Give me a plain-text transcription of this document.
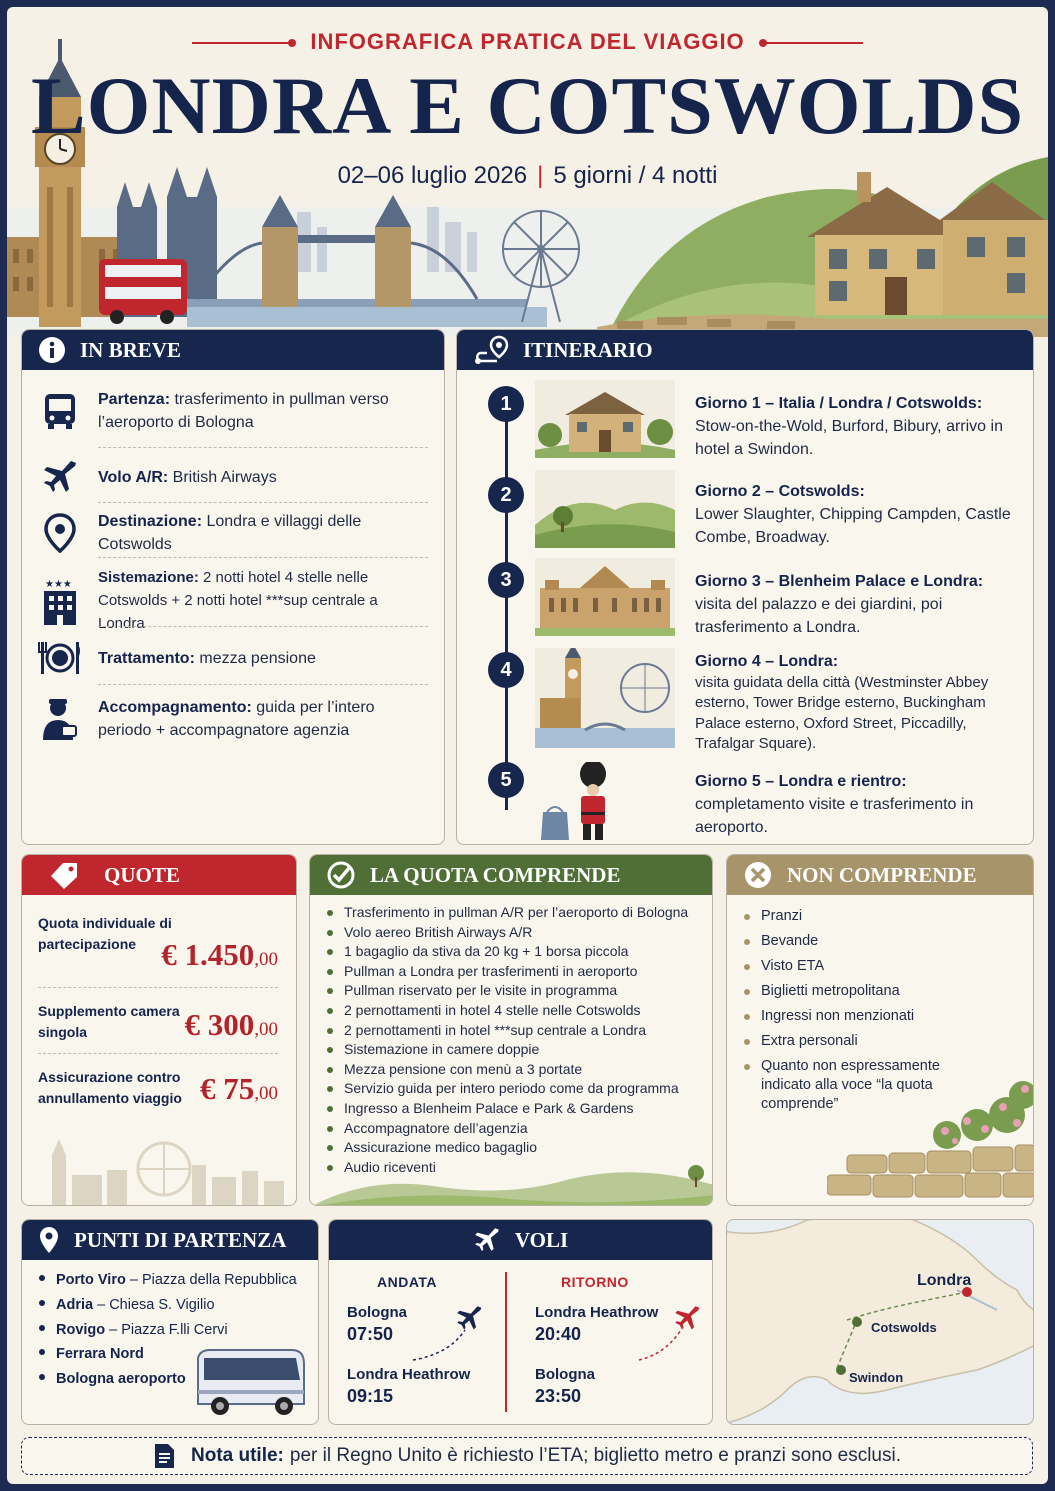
INFOGRAFICA PRATICA DEL VIAGGIO
LONDRA E COTSWOLDS
02–06 luglio 2026 | 5 giorni / 4 notti
IN BREVE
Partenza: trasferimento in pullman verso l’aeroporto di Bologna
Volo A/R: British Airways
Destinazione: Londra e villaggi delle Cotswolds
★★★ Sistemazione: 2 notti hotel 4 stelle nelle Cotswolds + 2 notti hotel ***sup centrale a Londra
Trattamento: mezza pensione
Accompagnamento: guida per l’intero periodo + accompagnatore agenzia
ITINERARIO
1	Giorno 1 – Italia / Londra / Cotswolds:
Stow-on-the-Wold, Burford, Bibury, arrivo in hotel a Swindon.
2	Giorno 2 – Cotswolds:
Lower Slaughter, Chipping Campden, Castle Combe, Broadway.
3	Giorno 3 – Blenheim Palace e Londra:
visita del palazzo e dei giardini, poi trasferimento a Londra.
4	Giorno 4 – Londra:
visita guidata della città (Westminster Abbey esterno, Tower Bridge esterno, Buckingham Palace esterno, Oxford Street, Piccadilly, Trafalgar Square).
5	Giorno 5 – Londra e rientro:
completamento visite e trasferimento in aeroporto.
QUOTE
Quota individuale di partecipazione € 1.450,00
Supplemento camera singola	€ 300,00
Assicurazione contro annullamento viaggio € 75,00
LA QUOTA COMPRENDE
Trasferimento in pullman A/R per l’aeroporto di Bologna
Volo aereo British Airways A/R
1 bagaglio da stiva da 20 kg + 1 borsa piccola
Pullman a Londra per trasferimenti in aeroporto
Pullman riservato per le visite in programma
2 pernottamenti in hotel 4 stelle nelle Cotswolds
2 pernottamenti in hotel ***sup centrale a Londra
Sistemazione in camere doppie
Mezza pensione con menù a 3 portate
Servizio guida per intero periodo come da programma
Ingresso a Blenheim Palace e Park & Gardens
Accompagnatore dell’agenzia
Assicurazione medico bagaglio
Audio riceventi
NON COMPRENDE
Pranzi
Bevande
Visto ETA
Biglietti metropolitana
Ingressi non menzionati
Extra personali
Quanto non espressamente indicato alla voce “la quota comprende”
PUNTI DI PARTENZA
Porto Viro – Piazza della Repubblica
Adria – Chiesa S. Vigilio
Rovigo – Piazza F.lli Cervi
Ferrara Nord
Bologna aeroporto
VOLI
ANDATA
Bologna
07:50
Londra Heathrow
09:15
RITORNO
Londra Heathrow
20:40
Bologna
23:50
Londra
Cotswolds
Swindon
Nota utile: per il Regno Unito è richiesto l’ETA; biglietto metro e pranzi sono esclusi.
